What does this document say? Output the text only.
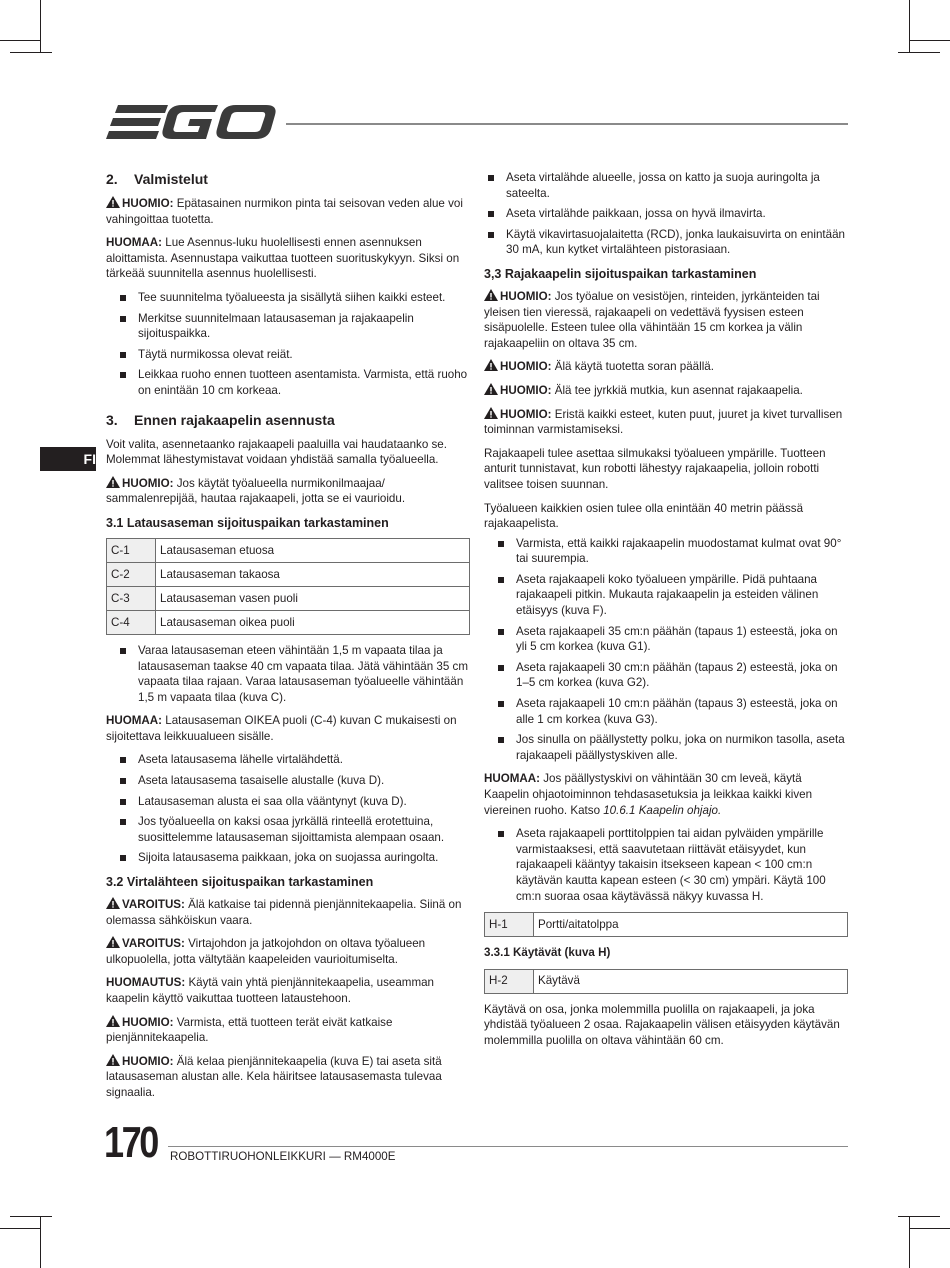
FI
2. Valmistelut

HUOMIO: Epätasainen nurmikon pinta tai seisovan veden alue voi vahingoittaa tuotetta.

HUOMAA: Lue Asennus-luku huolellisesti ennen asennuksen aloittamista. Asennustapa vaikuttaa tuotteen suorituskykyyn. Siksi on tärkeää suunnitella asennus huolellisesti.

Tee suunnitelma työalueesta ja sisällytä siihen kaikki esteet.
Merkitse suunnitelmaan latausaseman ja rajakaapelin sijoituspaikka.
Täytä nurmikossa olevat reiät.
Leikkaa ruoho ennen tuotteen asentamista. Varmista, että ruoho on enintään 10 cm korkeaa.
3. Ennen rajakaapelin asennusta

Voit valita, asennetaanko rajakaapeli paaluilla vai haudataanko se. Molemmat lähestymistavat voidaan yhdistää samalla työalueella.

HUOMIO: Jos käytät työalueella nurmikonilmaajaa/ sammalenrepijää, hautaa rajakaapeli, jotta se ei vaurioidu.

3.1 Latausaseman sijoituspaikan tarkastaminen
C-1	Latausaseman etuosa
C-2	Latausaseman takaosa
C-3	Latausaseman vasen puoli
C-4	Latausaseman oikea puoli
Varaa latausaseman eteen vähintään 1,5 m vapaata tilaa ja latausaseman taakse 40 cm vapaata tilaa. Jätä vähintään 35 cm vapaata tilaa rajaan. Varaa latausaseman työalueelle vähintään 1,5 m vapaata tilaa (kuva C).

HUOMAA: Latausaseman OIKEA puoli (C-4) kuvan C mukaisesti on sijoitettava leikkuualueen sisälle.

Aseta latausasema lähelle virtalähdettä.
Aseta latausasema tasaiselle alustalle (kuva D).
Latausaseman alusta ei saa olla vääntynyt (kuva D).
Jos työalueella on kaksi osaa jyrkällä rinteellä erotettuina, suosittelemme latausaseman sijoittamista alempaan osaan.
Sijoita latausasema paikkaan, joka on suojassa auringolta.
3.2 Virtalähteen sijoituspaikan tarkastaminen

VAROITUS: Älä katkaise tai pidennä pienjännitekaapelia. Siinä on olemassa sähköiskun vaara.

VAROITUS: Virtajohdon ja jatkojohdon on oltava työalueen ulkopuolella, jotta vältytään kaapeleiden vaurioitumiselta.

HUOMAUTUS: Käytä vain yhtä pienjännitekaapelia, useamman kaapelin käyttö vaikuttaa tuotteen lataustehoon.

HUOMIO: Varmista, että tuotteen terät eivät katkaise pienjännitekaapelia.

HUOMIO: Älä kelaa pienjännitekaapelia (kuva E) tai aseta sitä latausaseman alustan alle. Kela häiritsee latausasemasta tulevaa signaalia.

Aseta virtalähde alueelle, jossa on katto ja suoja auringolta ja sateelta.
Aseta virtalähde paikkaan, jossa on hyvä ilmavirta.
Käytä vikavirtasuojalaitetta (RCD), jonka laukaisuvirta on enintään 30 mA, kun kytket virtalähteen pistorasiaan.
3,3 Rajakaapelin sijoituspaikan tarkastaminen

HUOMIO: Jos työalue on vesistöjen, rinteiden, jyrkänteiden tai yleisen tien vieressä, rajakaapeli on vedettävä fyysisen esteen sisäpuolelle. Esteen tulee olla vähintään 15 cm korkea ja välin rajakaapeliin on oltava 35 cm.

HUOMIO: Älä käytä tuotetta soran päällä.

HUOMIO: Älä tee jyrkkiä mutkia, kun asennat rajakaapelia.

HUOMIO: Eristä kaikki esteet, kuten puut, juuret ja kivet turvallisen toiminnan varmistamiseksi.

Rajakaapeli tulee asettaa silmukaksi työalueen ympärille. Tuotteen anturit tunnistavat, kun robotti lähestyy rajakaapelia, jolloin robotti valitsee toisen suunnan.

Työalueen kaikkien osien tulee olla enintään 40 metrin päässä rajakaapelista.

Varmista, että kaikki rajakaapelin muodostamat kulmat ovat 90° tai suurempia.
Aseta rajakaapeli koko työalueen ympärille. Pidä puhtaana rajakaapeli pitkin. Mukauta rajakaapelin ja esteiden välinen etäisyys (kuva F).
Aseta rajakaapeli 35 cm:n päähän (tapaus 1) esteestä, joka on yli 5 cm korkea (kuva G1).
Aseta rajakaapeli 30 cm:n päähän (tapaus 2) esteestä, joka on 1–5 cm korkea (kuva G2).
Aseta rajakaapeli 10 cm:n päähän (tapaus 3) esteestä, joka on alle 1 cm korkea (kuva G3).
Jos sinulla on päällystetty polku, joka on nurmikon tasolla, aseta rajakaapeli päällystyskiven alle.

HUOMAA: Jos päällystyskivi on vähintään 30 cm leveä, käytä Kaapelin ohjaotoiminnon tehdasasetuksia ja leikkaa kaikki kiven viereinen ruoho. Katso 10.6.1 Kaapelin ohjajo.

Aseta rajakaapeli porttitolppien tai aidan pylväiden ympärille varmistaaksesi, että saavutetaan riittävät etäisyydet, kun rajakaapeli kääntyy takaisin itsekseen kapean < 100 cm:n käytävän kautta kapean esteen (< 30 cm) ympäri. Käytä 100 cm:n suoraa osaa käytävässä näkyy kuvassa H.
H-1	Portti/aitatolppa
3.3.1 Käytävät (kuva H)
H-2	Käytävä

Käytävä on osa, jonka molemmilla puolilla on rajakaapeli, ja joka yhdistää työalueen 2 osaa. Rajakaapelin välisen etäisyyden käytävän molemmilla puolilla on oltava vähintään 60 cm.

170 ROBOTTIRUOHONLEIKKURI — RM4000E
